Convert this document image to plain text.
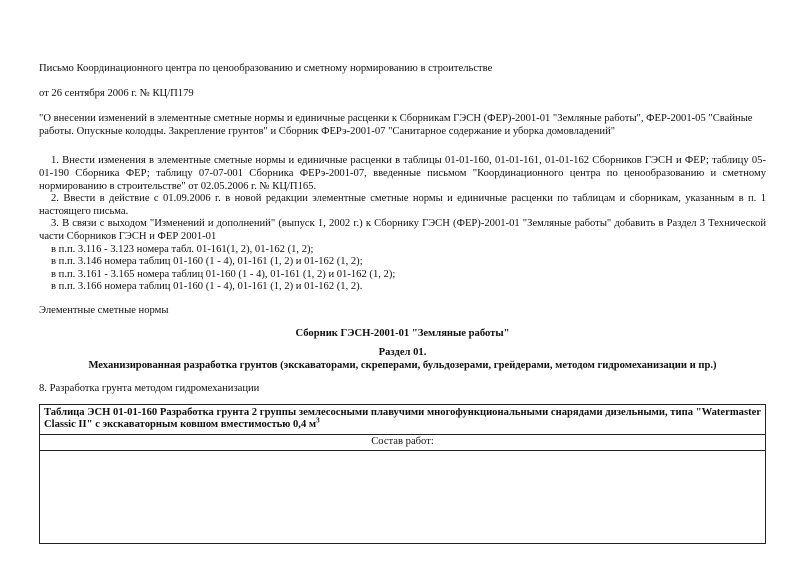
Письмо Координационного центра по ценообразованию и сметному нормированию в строительстве

от 26 сентября 2006 г. № КЦ/П179

"О внесении изменений в элементные сметные нормы и единичные расценки к Сборникам ГЭСН (ФЕР)-2001-01 "Земляные работы", ФЕР-2001-05 "Свайные работы. Опускные колодцы. Закрепление грунтов" и Сборник ФЕРэ-2001-07 "Санитарное содержание и уборка домовладений"

1. Внести изменения в элементные сметные нормы и единичные расценки в таблицы 01-01-160, 01-01-161, 01-01-162 Сборников ГЭСН и ФЕР; таблицу 05-01-190 Сборника ФЕР; таблицу 07-07-001 Сборника ФЕРэ-2001-07, введенные письмом "Координационного центра по ценообразованию и сметному нормированию в строительстве" от 02.05.2006 г. № КЦ/П165.

2. Ввести в действие с 01.09.2006 г. в новой редакции элементные сметные нормы и единичные расценки по таблицам и сборникам, указанным в п. 1 настоящего письма.

3. В связи с выходом "Изменений и дополнений" (выпуск 1, 2002 г.) к Сборнику ГЭСН (ФЕР)-2001-01 "Земляные работы" добавить в Раздел 3 Технической части Сборников ГЭСН и ФЕР 2001-01

в п.п. 3.116 - 3.123 номера табл. 01-161(1, 2), 01-162 (1, 2);

в п.п. 3.146 номера таблиц 01-160 (1 - 4), 01-161 (1, 2) и 01-162 (1, 2);

в п.п. 3.161 - 3.165 номера таблиц 01-160 (1 - 4), 01-161 (1, 2) и 01-162 (1, 2);

в п.п. 3.166 номера таблиц 01-160 (1 - 4), 01-161 (1, 2) и 01-162 (1, 2).

Элементные сметные нормы

Сборник ГЭСН-2001-01 "Земляные работы"

Раздел 01.

Механизированная разработка грунтов (экскаваторами, скреперами, бульдозерами, грейдерами, методом гидромеханизации и пр.)

8. Разработка грунта методом гидромеханизации

Таблица ЭСН 01-01-160 Разработка грунта 2 группы землесосными плавучими многофункциональными снарядами дизельными, типа "Watermaster Classic II" с экскаваторным ковшом вместимостью 0,4 $м^3$
Состав работ:
